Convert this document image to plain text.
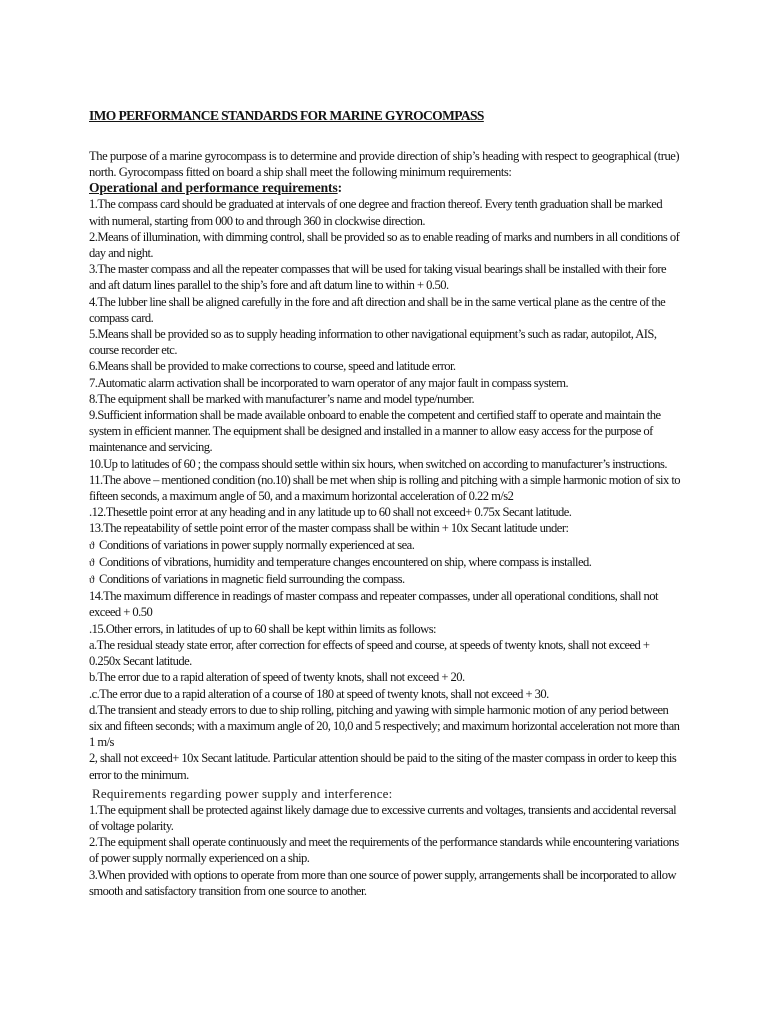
IMO PERFORMANCE STANDARDS FOR MARINE GYROCOMPASS

The purpose of a marine gyrocompass is to determine and provide direction of ship’s heading with respect to geographical (true) north. Gyrocompass fitted on board a ship shall meet the following minimum requirements:

Operational and performance requirements:

1.The compass card should be graduated at intervals of one degree and fraction thereof. Every tenth graduation shall be marked with numeral, starting from 000 to and through 360 in clockwise direction.

2.Means of illumination, with dimming control, shall be provided so as to enable reading of marks and numbers in all conditions of day and night.

3.The master compass and all the repeater compasses that will be used for taking visual bearings shall be installed with their fore and aft datum lines parallel to the ship’s fore and aft datum line to within + 0.50.

4.The lubber line shall be aligned carefully in the fore and aft direction and shall be in the same vertical plane as the centre of the compass card.

5.Means shall be provided so as to supply heading information to other navigational equipment’s such as radar, autopilot, AIS, course recorder etc.

6.Means shall be provided to make corrections to course, speed and latitude error.

7.Automatic alarm activation shall be incorporated to warn operator of any major fault in compass system.

8.The equipment shall be marked with manufacturer’s name and model type/number.

9.Sufficient information shall be made available onboard to enable the competent and certified staff to operate and maintain the system in efficient manner. The equipment shall be designed and installed in a manner to allow easy access for the purpose of maintenance and servicing.

10.Up to latitudes of 60 ; the compass should settle within six hours, when switched on according to manufacturer’s instructions.

11.The above – mentioned condition (no.10) shall be met when ship is rolling and pitching with a simple harmonic motion of six to fifteen seconds, a maximum angle of 50, and a maximum horizontal acceleration of 0.22 m/s2

.12.Thesettle point error at any heading and in any latitude up to 60 shall not exceed+ 0.75x Secant latitude.

13.The repeatability of settle point error of the master compass shall be within + 10x Secant latitude under:

ϑ Conditions of variations in power supply normally experienced at sea.

ϑ Conditions of vibrations, humidity and temperature changes encountered on ship, where compass is installed.

ϑ Conditions of variations in magnetic field surrounding the compass.

14.The maximum difference in readings of master compass and repeater compasses, under all operational conditions, shall not exceed + 0.50

.15.Other errors, in latitudes of up to 60 shall be kept within limits as follows:

a.The residual steady state error, after correction for effects of speed and course, at speeds of twenty knots, shall not exceed + 0.250x Secant latitude.

b.The error due to a rapid alteration of speed of twenty knots, shall not exceed + 20.

.c.The error due to a rapid alteration of a course of 180 at speed of twenty knots, shall not exceed + 30.

d.The transient and steady errors to due to ship rolling, pitching and yawing with simple harmonic motion of any period between six and fifteen seconds; with a maximum angle of 20, 10,0 and 5 respectively; and maximum horizontal acceleration not more than 1 m/s

2, shall not exceed+ 10x Secant latitude. Particular attention should be paid to the siting of the master compass in order to keep this error to the minimum.

Requirements regarding power supply and interference:

1.The equipment shall be protected against likely damage due to excessive currents and voltages, transients and accidental reversal of voltage polarity.

2.The equipment shall operate continuously and meet the requirements of the performance standards while encountering variations of power supply normally experienced on a ship.

3.When provided with options to operate from more than one source of power supply, arrangements shall be incorporated to allow smooth and satisfactory transition from one source to another.
